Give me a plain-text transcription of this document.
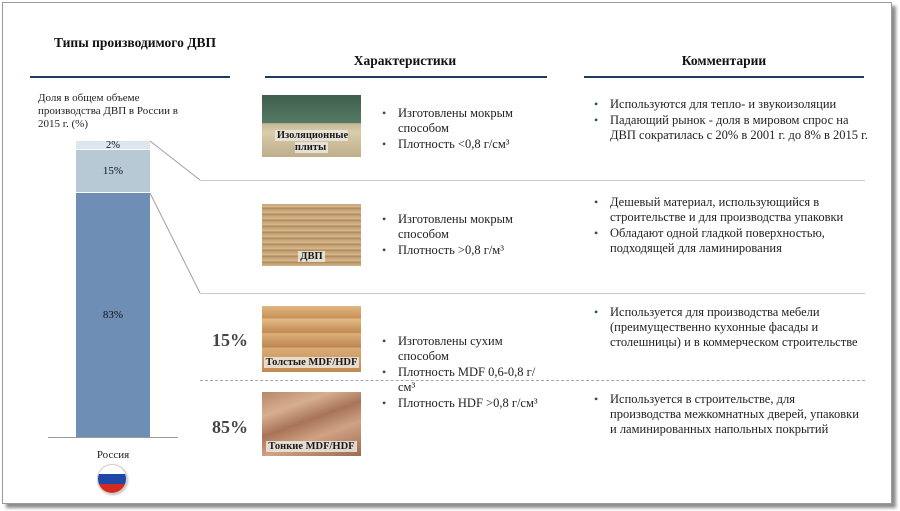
Типы производимого ДВП
Характеристики	Комментарии
Доля в общем объеме производства ДВП в России в 2015 г. (%)
2%
15%
83%
Россия
Изоляционные плиты
• Изготовлены мокрым способом
• Плотность <0,8 г/см³
• Используются для тепло- и звукоизоляции
• Падающий рынок - доля в мировом спрос на ДВП сократилась с 20% в 2001 г. до 8% в 2015 г.
ДВП
• Изготовлены мокрым способом
• Плотность >0,8 г/м³
• Дешевый материал, использующийся в строительстве и для производства упаковки
• Обладают одной гладкой поверхностью, подходящей для ламинирования
15%
Толстые MDF/HDF
• Изготовлены сухим способом
• Плотность MDF 0,6-0,8 г/см³
• Плотность HDF >0,8 г/см³
• Используется для производства мебели (преимущественно кухонные фасады и столешницы) и в коммерческом строительстве
85%
Тонкие MDF/HDF
• Используется в строительстве, для производства межкомнатных дверей, упаковки и ламинированных напольных покрытий
